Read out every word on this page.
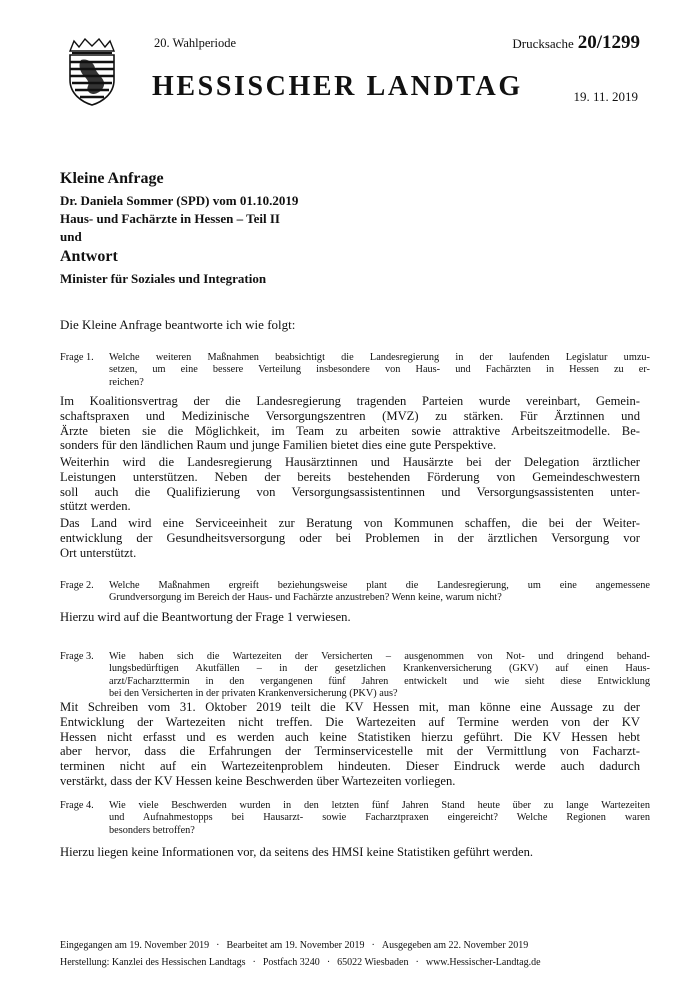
20. Wahlperiode
HESSISCHER LANDTAG
Drucksache 20/1299
19. 11. 2019
Kleine Anfrage
Dr. Daniela Sommer (SPD) vom 01.10.2019
Haus- und Fachärzte in Hessen – Teil II
und
Antwort
Minister für Soziales und Integration
Die Kleine Anfrage beantworte ich wie folgt:
Frage 1.	Welche weiteren Maßnahmen beabsichtigt die Landesregierung in der laufenden Legislatur umzu-
setzen, um eine bessere Verteilung insbesondere von Haus- und Fachärzten in Hessen zu er-
reichen?
Im Koalitionsvertrag der die Landesregierung tragenden Parteien wurde vereinbart, Gemein-
schaftspraxen und Medizinische Versorgungszentren (MVZ) zu stärken. Für Ärztinnen und
Ärzte bieten sie die Möglichkeit, im Team zu arbeiten sowie attraktive Arbeitszeitmodelle. Be-
sonders für den ländlichen Raum und junge Familien bietet dies eine gute Perspektive.
Weiterhin wird die Landesregierung Hausärztinnen und Hausärzte bei der Delegation ärztlicher
Leistungen unterstützen. Neben der bereits bestehenden Förderung von Gemeindeschwestern
soll auch die Qualifizierung von Versorgungsassistentinnen und Versorgungsassistenten unter-
stützt werden.
Das Land wird eine Serviceeinheit zur Beratung von Kommunen schaffen, die bei der Weiter-
entwicklung der Gesundheitsversorgung oder bei Problemen in der ärztlichen Versorgung vor
Ort unterstützt.
Frage 2.	Welche Maßnahmen ergreift beziehungsweise plant die Landesregierung, um eine angemessene
Grundversorgung im Bereich der Haus- und Fachärzte anzustreben? Wenn keine, warum nicht?
Hierzu wird auf die Beantwortung der Frage 1 verwiesen.
Frage 3.	Wie haben sich die Wartezeiten der Versicherten – ausgenommen von Not- und dringend behand-
lungsbedürftigen Akutfällen – in der gesetzlichen Krankenversicherung (GKV) auf einen Haus-
arzt/Facharzttermin in den vergangenen fünf Jahren entwickelt und wie sieht diese Entwicklung
bei den Versicherten in der privaten Krankenversicherung (PKV) aus?
Mit Schreiben vom 31. Oktober 2019 teilt die KV Hessen mit, man könne eine Aussage zu der
Entwicklung der Wartezeiten nicht treffen. Die Wartezeiten auf Termine werden von der KV
Hessen nicht erfasst und es werden auch keine Statistiken hierzu geführt. Die KV Hessen hebt
aber hervor, dass die Erfahrungen der Terminservicestelle mit der Vermittlung von Facharzt-
terminen nicht auf ein Wartezeitenproblem hindeuten. Dieser Eindruck werde auch dadurch
verstärkt, dass der KV Hessen keine Beschwerden über Wartezeiten vorliegen.
Frage 4.	Wie viele Beschwerden wurden in den letzten fünf Jahren Stand heute über zu lange Wartezeiten
und Aufnahmestopps bei Hausarzt- sowie Facharztpraxen eingereicht? Welche Regionen waren
besonders betroffen?
Hierzu liegen keine Informationen vor, da seitens des HMSI keine Statistiken geführt werden.
Eingegangen am 19. November 2019 · Bearbeitet am 19. November 2019 · Ausgegeben am 22. November 2019
Herstellung: Kanzlei des Hessischen Landtags · Postfach 3240 · 65022 Wiesbaden · www.Hessischer-Landtag.de
